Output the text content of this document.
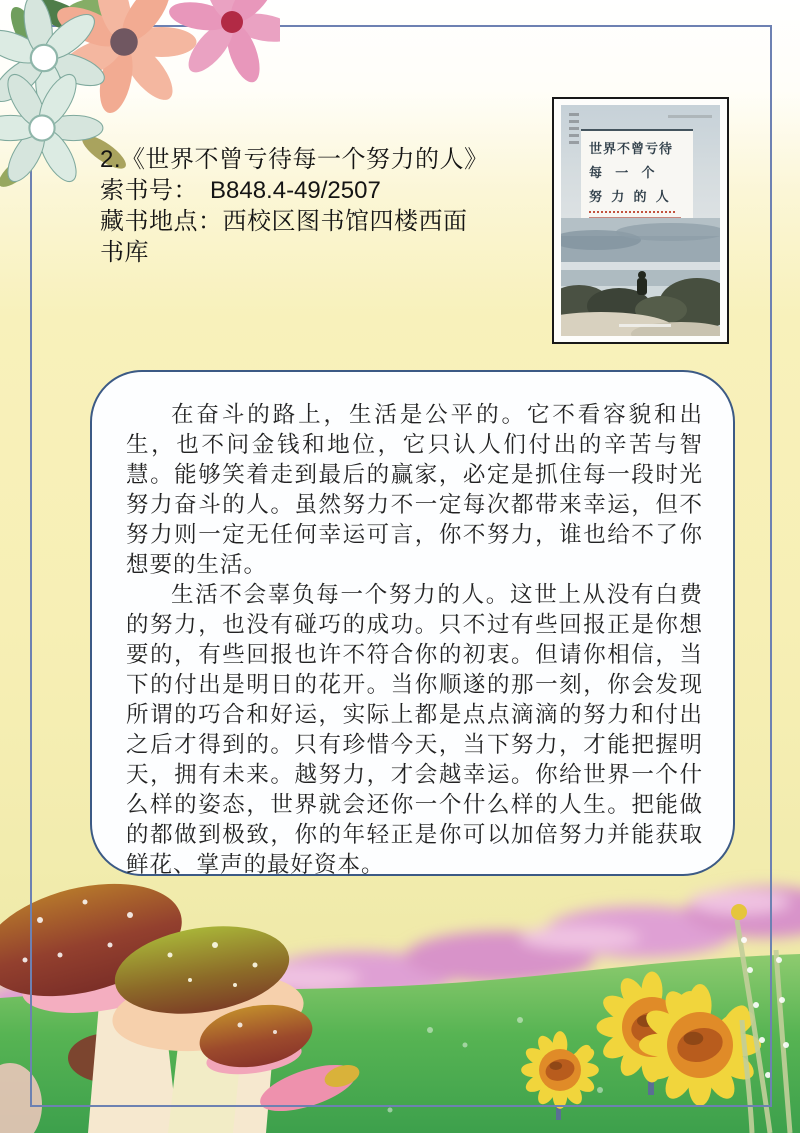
2.《世界不曾亏待每一个努力的人》
索书号： B848.4-49/2507
藏书地点：西校区图书馆四楼西面
书库
世界不曾亏待
每 一 个
努 力 的 人

在奋斗的路上，生活是公平的。它不看容貌和出生，也不问金钱和地位，它只认人们付出的辛苦与智慧。能够笑着走到最后的赢家，必定是抓住每一段时光努力奋斗的人。虽然努力不一定每次都带来幸运，但不努力则一定无任何幸运可言，你不努力，谁也给不了你想要的生活。

生活不会辜负每一个努力的人。这世上从没有白费的努力，也没有碰巧的成功。只不过有些回报正是你想要的，有些回报也许不符合你的初衷。但请你相信，当下的付出是明日的花开。当你顺遂的那一刻，你会发现所谓的巧合和好运，实际上都是点点滴滴的努力和付出之后才得到的。只有珍惜今天，当下努力，才能把握明天，拥有未来。越努力，才会越幸运。你给世界一个什么样的姿态，世界就会还你一个什么样的人生。把能做的都做到极致，你的年轻正是你可以加倍努力并能获取鲜花、掌声的最好资本。
